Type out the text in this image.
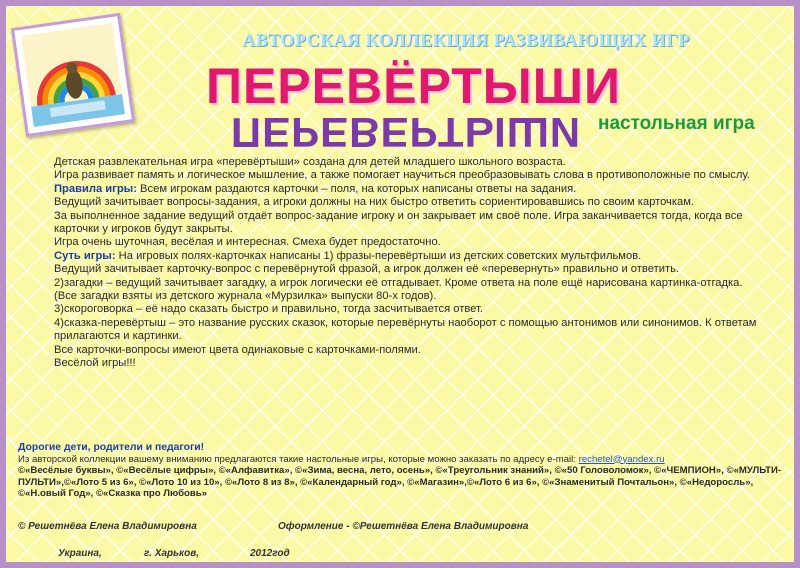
АВТОРСКАЯ КОЛЛЕКЦИЯ РАЗВИВАЮЩИХ ИГР
ПЕРЕВЁРТЫШИ
ПЕРЕВЕРТЫШИ настольная игра

Детская развлекательная игра «перевёртыши» создана для детей младшего школьного возраста.

Игра развивает память и логическое мышление, а также помогает научиться преобразовывать слова в противоположные по смыслу.

Правила игры: Всем игрокам раздаются карточки – поля, на которых написаны ответы на задания.

Ведущий зачитывает вопросы-задания, а игроки должны на них быстро ответить сориентировавшись по своим карточкам.

За выполненное задание ведущий отдаёт вопрос-задание игроку и он закрывает им своё поле. Игра заканчивается тогда, когда все карточки у игроков будут закрыты.

Игра очень шуточная, весёлая и интересная. Смеха будет предостаточно.

Суть игры: На игровых полях-карточках написаны 1) фразы-перевёртыши из детских советских мультфильмов.

Ведущий зачитывает карточку-вопрос с перевёрнутой фразой, а игрок должен её «перевернуть» правильно и ответить.

2)загадки – ведущий зачитывает загадку, а игрок логически её отгадывает. Кроме ответа на поле ещё нарисована картинка-отгадка. (Все загадки взяты из детского журнала «Мурзилка» выпуски 80-х годов).

3)скороговорка – её надо сказать быстро и правильно, тогда засчитывается ответ.

4)сказка-перевёртыш – это название русских сказок, которые перевёрнуты наоборот с помощью антонимов или синонимов. К ответам прилагаются и картинки.

Все карточки-вопросы имеют цвета одинаковые с карточками-полями.

Весёлой игры!!!

Дорогие дети, родители и педагоги!
Из авторской коллекции вашему вниманию предлагаются такие настольные игры, которые можно заказать по адресу e-mail: rechetel@yandex.ru
©«Весёлые буквы», ©«Весёлые цифры», ©«Алфавитка», ©«Зима, весна, лето, осень», ©«Треугольник знаний», ©«50 Головоломок», ©«ЧЕМПИОН», ©«МУЛЬТИ-ПУЛЬТИ»,©«Лото 5 из 6», ©«Лото 10 из 10», ©«Лото 8 из 8», ©«Календарный год», ©«Магазин»,©«Лото 6 из 6», ©«Знаменитый Почтальон», ©«Недоросль», ©«Н.овый Год», ©«Сказка про Любовь»
© Решетнёва Елена Владимировна	Оформление - ©Решетнёва Елена Владимировна
Украина,	г. Харьков,	2012год
